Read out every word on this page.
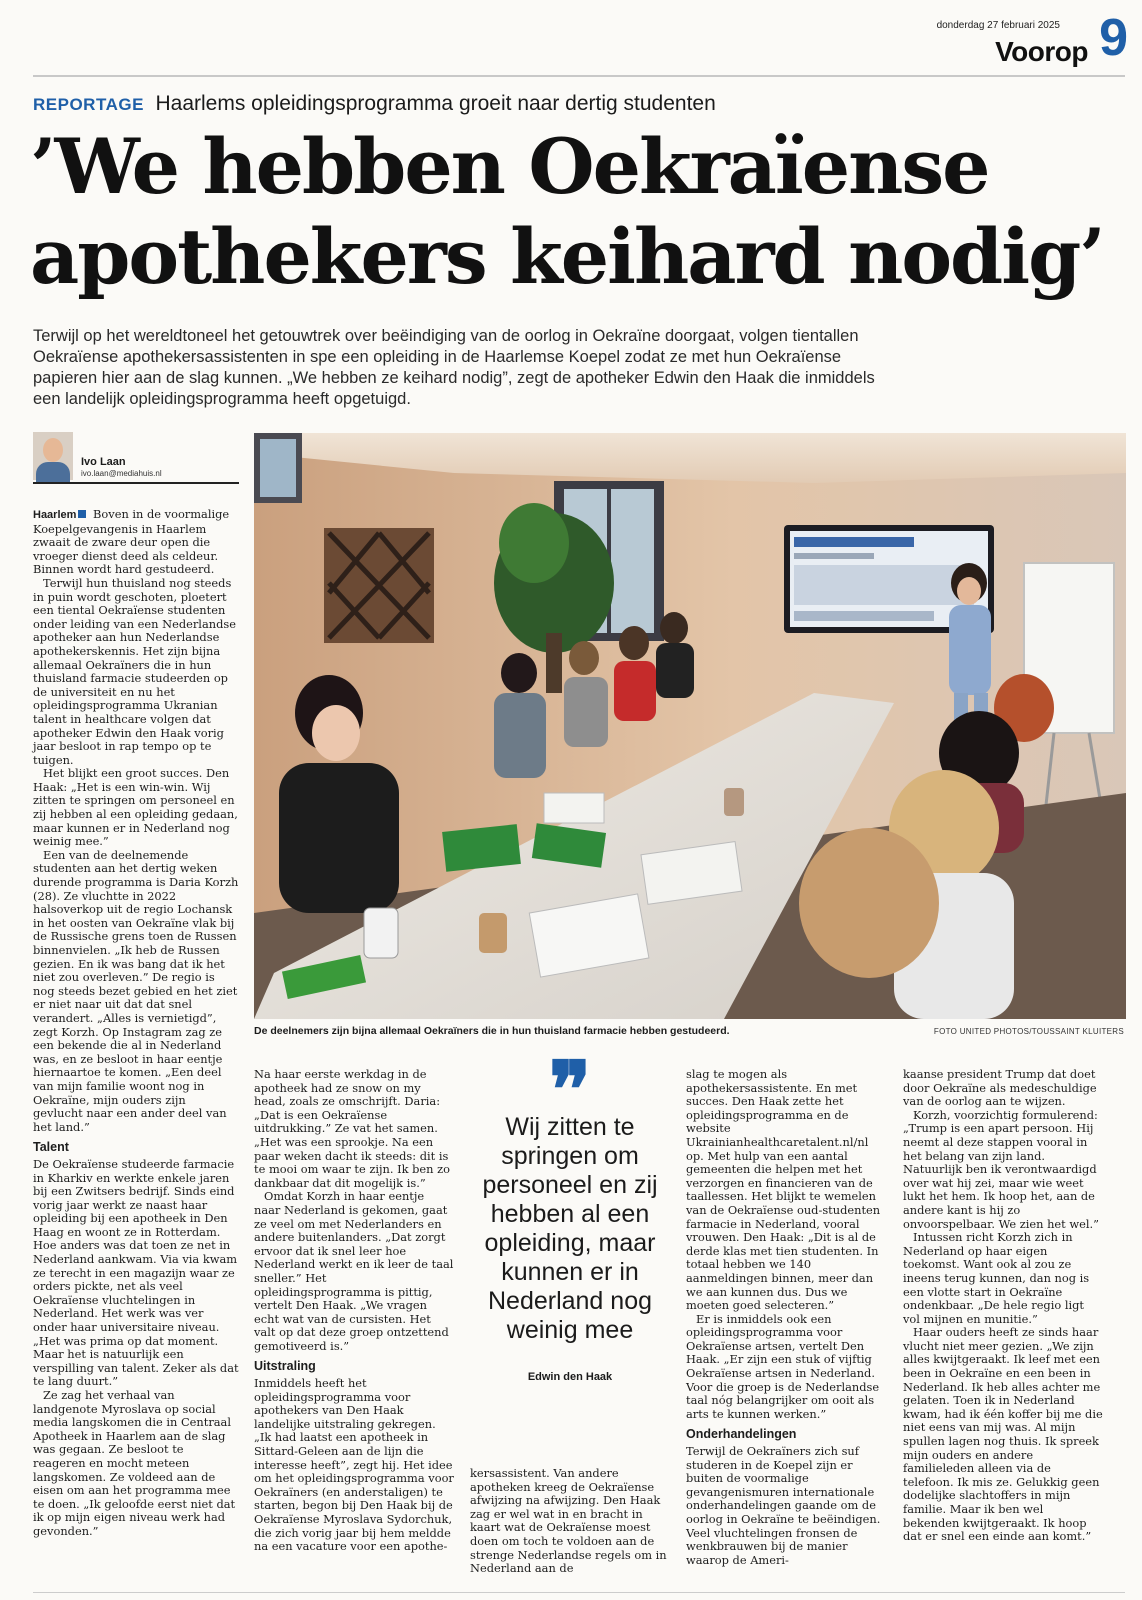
donderdag 27 februari 2025
Voorop 9
REPORTAGE Haarlems opleidingsprogramma groeit naar dertig studenten
’We hebben Oekraïense apothekers keihard nodig’
Terwijl op het wereldtoneel het getouwtrek over beëindiging van de oorlog in Oekraïne doorgaat, volgen tientallen Oekraïense apothekersassistenten in spe een opleiding in de Haarlemse Koepel zodat ze met hun Oekraïense papieren hier aan de slag kunnen. „We hebben ze keihard nodig”, zegt de apotheker Edwin den Haak die inmiddels een landelijk opleidingsprogramma heeft opgetuigd.
Ivo Laan
ivo.laan@mediahuis.nl

Haarlem Boven in de voormalige Koepelgevangenis in Haarlem zwaait de zware deur open die vroeger dienst deed als celdeur. Binnen wordt hard gestudeerd.

Terwijl hun thuisland nog steeds in puin wordt geschoten, ploetert een tiental Oekraïense studenten onder leiding van een Nederlandse apotheker aan hun Nederlandse apothekerskennis. Het zijn bijna allemaal Oekraïners die in hun thuisland farmacie studeerden op de universiteit en nu het opleidingsprogramma Ukranian talent in healthcare volgen dat apotheker Edwin den Haak vorig jaar besloot in rap tempo op te tuigen.

Het blijkt een groot succes. Den Haak: „Het is een win-win. Wij zitten te springen om personeel en zij hebben al een opleiding gedaan, maar kunnen er in Nederland nog weinig mee.”

Een van de deelnemende studenten aan het dertig weken durende programma is Daria Korzh (28). Ze vluchtte in 2022 halsoverkop uit de regio Lochansk in het oosten van Oekraïne vlak bij de Russische grens toen de Russen binnenvielen. „Ik heb de Russen gezien. En ik was bang dat ik het niet zou overleven.” De regio is nog steeds bezet gebied en het ziet er niet naar uit dat dat snel verandert. „Alles is vernietigd”, zegt Korzh. Op Instagram zag ze een bekende die al in Nederland was, en ze besloot in haar eentje hiernaartoe te komen. „Een deel van mijn familie woont nog in Oekraïne, mijn ouders zijn gevlucht naar een ander deel van het land.”

Talent

De Oekraïense studeerde farmacie in Kharkiv en werkte enkele jaren bij een Zwitsers bedrijf. Sinds eind vorig jaar werkt ze naast haar opleiding bij een apotheek in Den Haag en woont ze in Rotterdam. Hoe anders was dat toen ze net in Nederland aankwam. Via via kwam ze terecht in een magazijn waar ze orders pickte, net als veel Oekraïense vluchtelingen in Nederland. Het werk was ver onder haar universitaire niveau. „Het was prima op dat moment. Maar het is natuurlijk een verspilling van talent. Zeker als dat te lang duurt.”

Ze zag het verhaal van landgenote Myroslava op social media langskomen die in Centraal Apotheek in Haarlem aan de slag was gegaan. Ze besloot te reageren en mocht meteen langskomen. Ze voldeed aan de eisen om aan het programma mee te doen. „Ik geloofde eerst niet dat ik op mijn eigen niveau werk had gevonden.”

De deelnemers zijn bijna allemaal Oekraïners die in hun thuisland farmacie hebben gestudeerd.	FOTO UNITED PHOTOS/TOUSSAINT KLUITERS

Na haar eerste werkdag in de apotheek had ze snow on my head, zoals ze omschrijft. Daria: „Dat is een Oekraïense uitdrukking.” Ze vat het samen. „Het was een sprookje. Na een paar weken dacht ik steeds: dit is te mooi om waar te zijn. Ik ben zo dankbaar dat dit mogelijk is.”

Omdat Korzh in haar eentje naar Nederland is gekomen, gaat ze veel om met Nederlanders en andere buitenlanders. „Dat zorgt ervoor dat ik snel leer hoe Nederland werkt en ik leer de taal sneller.” Het opleidingsprogramma is pittig, vertelt Den Haak. „We vragen echt wat van de cursisten. Het valt op dat deze groep ontzettend gemotiveerd is.”

Uitstraling

Inmiddels heeft het opleidingsprogramma voor apothekers van Den Haak landelijke uitstraling gekregen. „Ik had laatst een apotheek in Sittard-Geleen aan de lijn die interesse heeft”, zegt hij. Het idee om het opleidingsprogramma voor Oekraïners (en anderstaligen) te starten, begon bij Den Haak bij de Oekraïense Myroslava Sydorchuk, die zich vorig jaar bij hem meldde na een vacature voor een apothe-

❞
Wij zitten te springen om personeel en zij hebben al een opleiding, maar kunnen er in Nederland nog weinig mee
Edwin den Haak

kersassistent. Van andere apotheken kreeg de Oekraïense afwijzing na afwijzing. Den Haak zag er wel wat in en bracht in kaart wat de Oekraïense moest doen om toch te voldoen aan de strenge Nederlandse regels om in Nederland aan de

slag te mogen als apothekersassistente. En met succes. Den Haak zette het opleidingsprogramma en de website Ukrainianhealthcaretalent.nl/nl op. Met hulp van een aantal gemeenten die helpen met het verzorgen en financieren van de taallessen. Het blijkt te wemelen van de Oekraïense oud-studenten farmacie in Nederland, vooral vrouwen. Den Haak: „Dit is al de derde klas met tien studenten. In totaal hebben we 140 aanmeldingen binnen, meer dan we aan kunnen dus. Dus we moeten goed selecteren.”

Er is inmiddels ook een opleidingsprogramma voor Oekraïense artsen, vertelt Den Haak. „Er zijn een stuk of vijftig Oekraïense artsen in Nederland. Voor die groep is de Nederlandse taal nóg belangrijker om ooit als arts te kunnen werken.”

Onderhandelingen

Terwijl de Oekraïners zich suf studeren in de Koepel zijn er buiten de voormalige gevangenismuren internationale onderhandelingen gaande om de oorlog in Oekraïne te beëindigen. Veel vluchtelingen fronsen de wenkbrauwen bij de manier waarop de Ameri-

kaanse president Trump dat doet door Oekraïne als medeschuldige van de oorlog aan te wijzen.

Korzh, voorzichtig formulerend: „Trump is een apart persoon. Hij neemt al deze stappen vooral in het belang van zijn land. Natuurlijk ben ik verontwaardigd over wat hij zei, maar wie weet lukt het hem. Ik hoop het, aan de andere kant is hij zo onvoorspelbaar. We zien het wel.”

Intussen richt Korzh zich in Nederland op haar eigen toekomst. Want ook al zou ze ineens terug kunnen, dan nog is een vlotte start in Oekraïne ondenkbaar. „De hele regio ligt vol mijnen en munitie.”

Haar ouders heeft ze sinds haar vlucht niet meer gezien. „We zijn alles kwijtgeraakt. Ik leef met een been in Oekraïne en een been in Nederland. Ik heb alles achter me gelaten. Toen ik in Nederland kwam, had ik één koffer bij me die niet eens van mij was. Al mijn spullen lagen nog thuis. Ik spreek mijn ouders en andere familieleden alleen via de telefoon. Ik mis ze. Gelukkig geen dodelijke slachtoffers in mijn familie. Maar ik ben wel bekenden kwijtgeraakt. Ik hoop dat er snel een einde aan komt.”
